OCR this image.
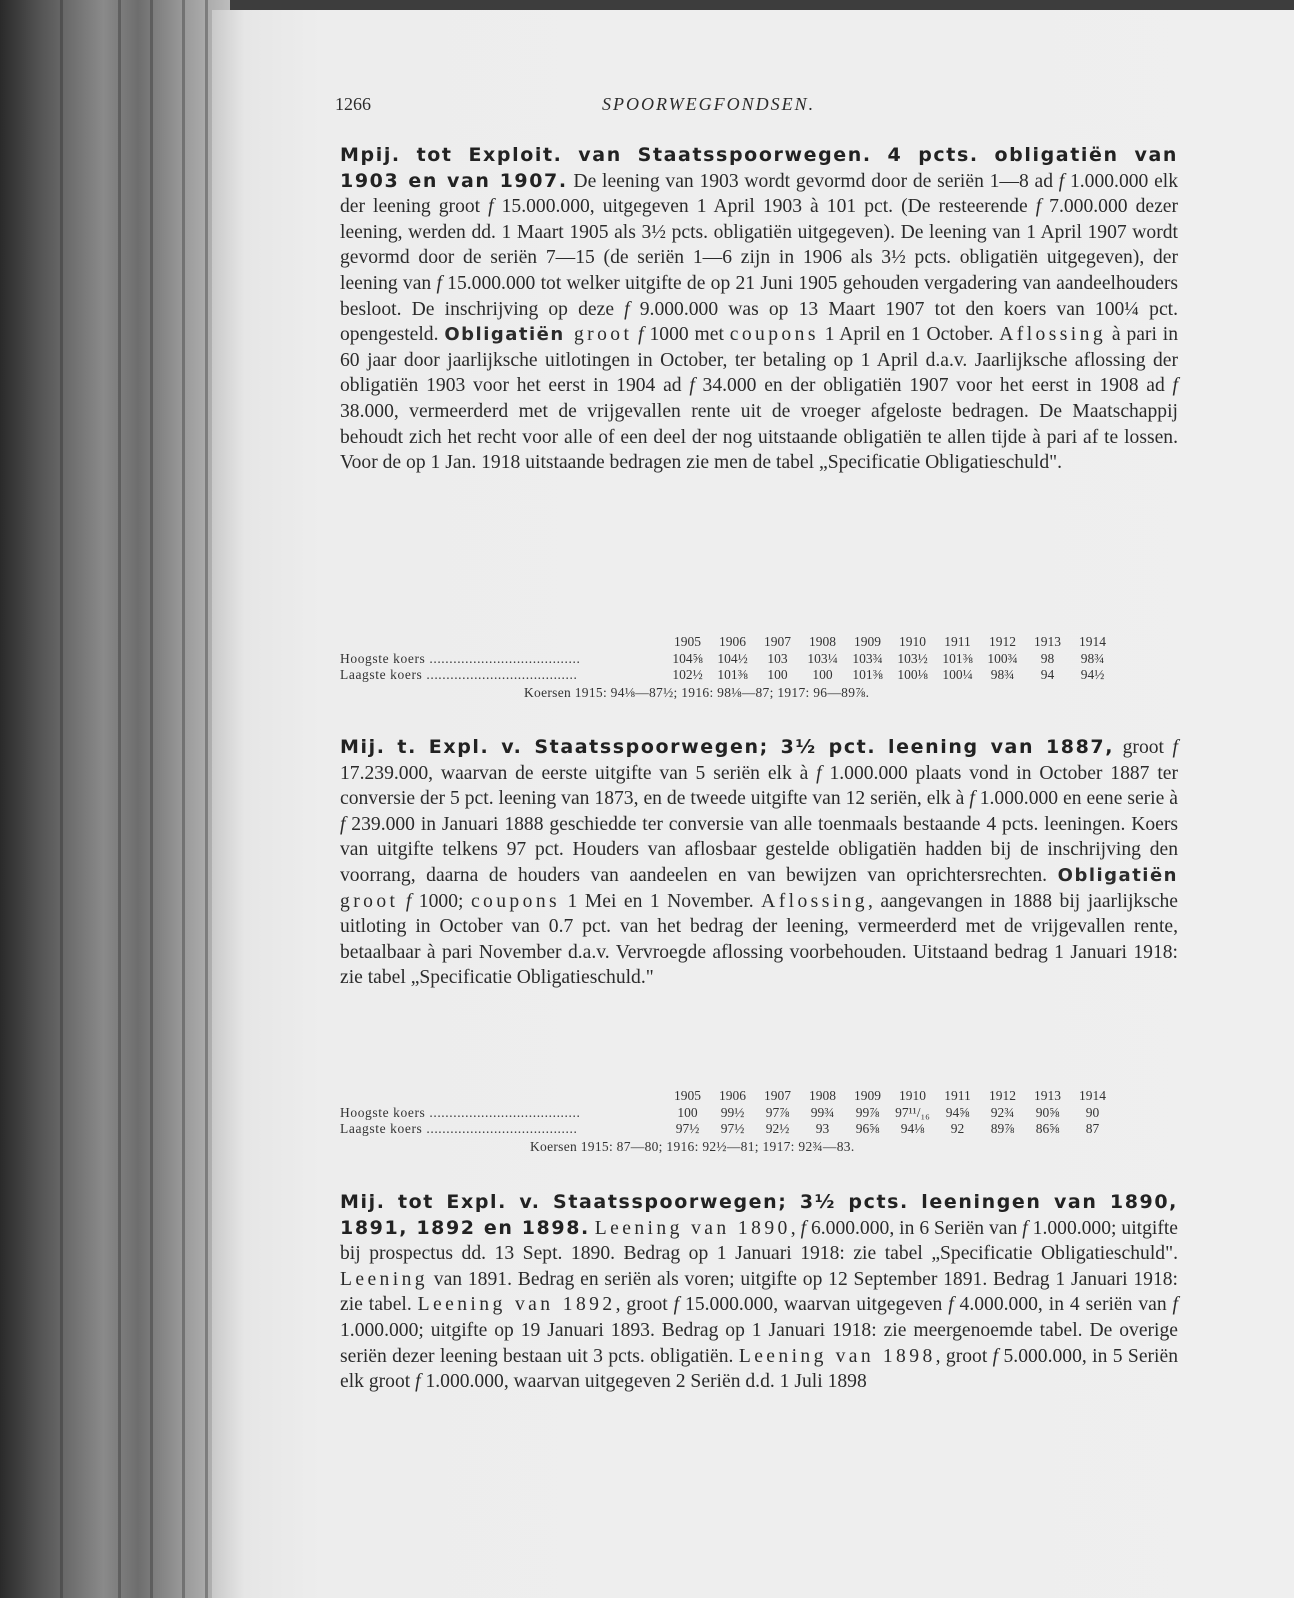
1266	SPOORWEGFONDSEN.
Mpij. tot Exploit. van Staatsspoorwegen. 4 pcts. obligatiën van 1903 en van 1907. De leening van 1903 wordt gevormd door de seriën 1—8 ad f 1.000.000 elk der leening groot f 15.000.000, uitgegeven 1 April 1903 à 101 pct. (De resteerende f 7.000.000 dezer leening, werden dd. 1 Maart 1905 als 3½ pcts. obligatiën uitgegeven). De leening van 1 April 1907 wordt gevormd door de seriën 7—15 (de seriën 1—6 zijn in 1906 als 3½ pcts. obligatiën uitgegeven), der leening van f 15.000.000 tot welker uitgifte de op 21 Juni 1905 gehouden vergadering van aandeelhouders besloot. De inschrijving op deze f 9.000.000 was op 13 Maart 1907 tot den koers van 100¼ pct. opengesteld. Obligatiën groot f 1000 met coupons 1 April en 1 October. Aflossing à pari in 60 jaar door jaarlijksche uitlotingen in October, ter betaling op 1 April d.a.v. Jaarlijksche aflossing der obligatiën 1903 voor het eerst in 1904 ad f 34.000 en der obligatiën 1907 voor het eerst in 1908 ad f 38.000, vermeerderd met de vrijgevallen rente uit de vroeger afgeloste bedragen. De Maatschappij behoudt zich het recht voor alle of een deel der nog uitstaande obligatiën te allen tijde à pari af te lossen. Voor de op 1 Jan. 1918 uitstaande bedragen zie men de tabel „Specificatie Obligatieschuld".
	1905	1906	1907	1908	1909	1910	1911	1912	1913	1914
Hoogste koers ......................................	104⅝	104½	103	103¼	103¾	103½	101⅜	100¾	98	98¾
Laagste koers ......................................	102½	101⅜	100	100	101⅜	100⅛	100¼	98¾	94	94½
Koersen 1915: 94⅛—87½; 1916: 98⅛—87; 1917: 96—89⅞.
Mij. t. Expl. v. Staatsspoorwegen; 3½ pct. leening van 1887, groot f 17.239.000, waarvan de eerste uitgifte van 5 seriën elk à f 1.000.000 plaats vond in October 1887 ter conversie der 5 pct. leening van 1873, en de tweede uitgifte van 12 seriën, elk à f 1.000.000 en eene serie à f 239.000 in Januari 1888 geschiedde ter conversie van alle toenmaals bestaande 4 pcts. leeningen. Koers van uitgifte telkens 97 pct. Houders van aflosbaar gestelde obligatiën hadden bij de inschrijving den voorrang, daarna de houders van aandeelen en van bewijzen van oprichtersrechten. Obligatiën groot f 1000; coupons 1 Mei en 1 November. Aflossing, aangevangen in 1888 bij jaarlijksche uitloting in October van 0.7 pct. van het bedrag der leening, vermeerderd met de vrijgevallen rente, betaalbaar à pari November d.a.v. Vervroegde aflossing voorbehouden. Uitstaand bedrag 1 Januari 1918: zie tabel „Specificatie Obligatieschuld."
	1905	1906	1907	1908	1909	1910	1911	1912	1913	1914
Hoogste koers ......................................	100	99½	97⅞	99¾	99⅞	97¹¹/₁₆	94⅝	92¾	90⅝	90
Laagste koers ......................................	97½	97½	92½	93	96⅝	94⅛	92	89⅞	86⅝	87
Koersen 1915: 87—80; 1916: 92½—81; 1917: 92¾—83.
Mij. tot Expl. v. Staatsspoorwegen; 3½ pcts. leeningen van 1890, 1891, 1892 en 1898. Leening van 1890, f 6.000.000, in 6 Seriën van f 1.000.000; uitgifte bij prospectus dd. 13 Sept. 1890. Bedrag op 1 Januari 1918: zie tabel „Specificatie Obligatieschuld". Leening van 1891. Bedrag en seriën als voren; uitgifte op 12 September 1891. Bedrag 1 Januari 1918: zie tabel. Leening van 1892, groot f 15.000.000, waarvan uitgegeven f 4.000.000, in 4 seriën van f 1.000.000; uitgifte op 19 Januari 1893. Bedrag op 1 Januari 1918: zie meergenoemde tabel. De overige seriën dezer leening bestaan uit 3 pcts. obligatiën. Leening van 1898, groot f 5.000.000, in 5 Seriën elk groot f 1.000.000, waarvan uitgegeven 2 Seriën d.d. 1 Juli 1898
